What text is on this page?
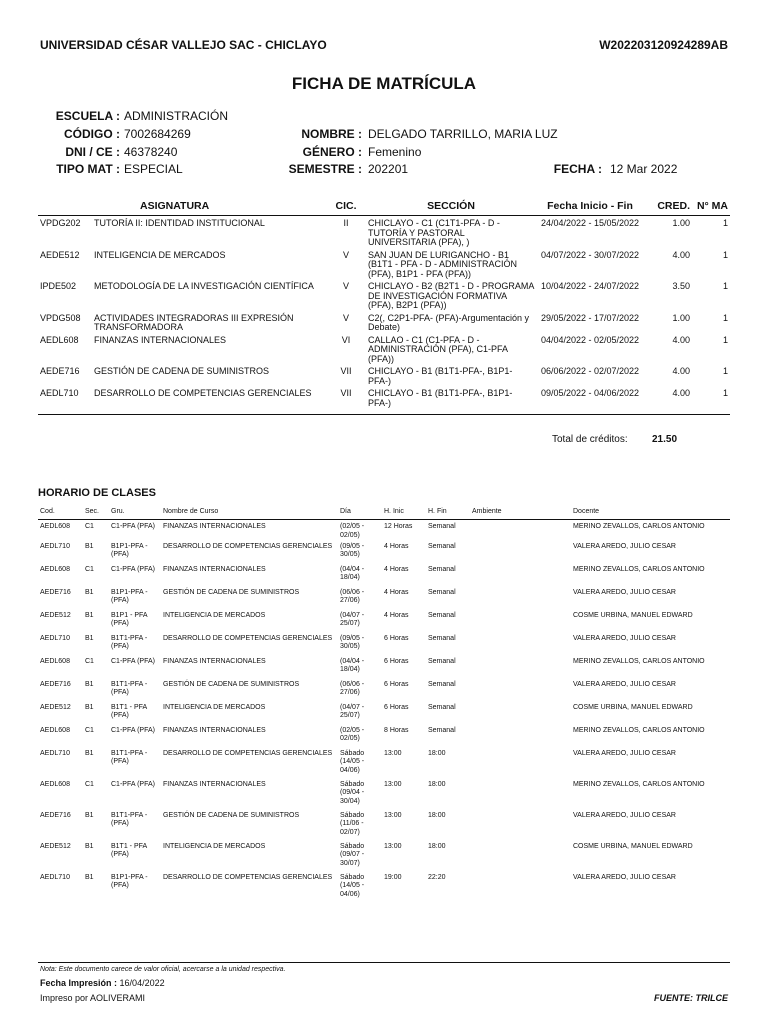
UNIVERSIDAD CÉSAR VALLEJO SAC - CHICLAYO	W202203120924289AB
FICHA DE MATRÍCULA
ESCUELA : ADMINISTRACIÓN
CÓDIGO : 7002684269
DNI / CE : 46378240
TIPO MAT : ESPECIAL
NOMBRE : DELGADO TARRILLO, MARIA LUZ
GÉNERO : Femenino
SEMESTRE : 202201	FECHA : 12 Mar 2022
	ASIGNATURA	CIC.	SECCIÓN	Fecha Inicio - Fin	CRED.	N° MA
VPDG202	TUTORÍA II: IDENTIDAD INSTITUCIONAL	II	CHICLAYO - C1 (C1T1-PFA - D - TUTORÍA Y PASTORAL UNIVERSITARIA (PFA), )	24/04/2022 - 15/05/2022	1.00	1
AEDE512	INTELIGENCIA DE MERCADOS	V	SAN JUAN DE LURIGANCHO - B1 (B1T1 - PFA - D - ADMINISTRACIÓN (PFA), B1P1 - PFA (PFA))	04/07/2022 - 30/07/2022	4.00	1
IPDE502	METODOLOGÍA DE LA INVESTIGACIÓN CIENTÍFICA	V	CHICLAYO - B2 (B2T1 - D - PROGRAMA DE INVESTIGACIÓN FORMATIVA (PFA), B2P1 (PFA))	10/04/2022 - 24/07/2022	3.50	1
VPDG508	ACTIVIDADES INTEGRADORAS III EXPRESIÓN TRANSFORMADORA	V	C2(, C2P1-PFA- (PFA)-Argumentación y Debate)	29/05/2022 - 17/07/2022	1.00	1
AEDL608	FINANZAS INTERNACIONALES	VI	CALLAO - C1 (C1-PFA - D - ADMINISTRACIÓN (PFA), C1-PFA (PFA))	04/04/2022 - 02/05/2022	4.00	1
AEDE716	GESTIÓN DE CADENA DE SUMINISTROS	VII	CHICLAYO - B1 (B1T1-PFA-, B1P1-PFA-)	06/06/2022 - 02/07/2022	4.00	1
AEDL710	DESARROLLO DE COMPETENCIAS GERENCIALES	VII	CHICLAYO - B1 (B1T1-PFA-, B1P1-PFA-)	09/05/2022 - 04/06/2022	4.00	1
Total de créditos: 21.50
HORARIO DE CLASES
Cod.	Sec.	Gru.	Nombre de Curso	Día	H. Inic	H. Fin	Ambiente	Docente
AEDL608	C1	C1-PFA (PFA)	FINANZAS INTERNACIONALES	(02/05 - 02/05)	12 Horas	Semanal		MERINO ZEVALLOS, CARLOS ANTONIO
AEDL710	B1	B1P1-PFA - (PFA)	DESARROLLO DE COMPETENCIAS GERENCIALES	(09/05 - 30/05)	4 Horas	Semanal		VALERA AREDO, JULIO CESAR
AEDL608	C1	C1-PFA (PFA)	FINANZAS INTERNACIONALES	(04/04 - 18/04)	4 Horas	Semanal		MERINO ZEVALLOS, CARLOS ANTONIO
AEDE716	B1	B1P1-PFA - (PFA)	GESTIÓN DE CADENA DE SUMINISTROS	(06/06 - 27/06)	4 Horas	Semanal		VALERA AREDO, JULIO CESAR
AEDE512	B1	B1P1 - PFA (PFA)	INTELIGENCIA DE MERCADOS	(04/07 - 25/07)	4 Horas	Semanal		COSME URBINA, MANUEL EDWARD
AEDL710	B1	B1T1-PFA - (PFA)	DESARROLLO DE COMPETENCIAS GERENCIALES	(09/05 - 30/05)	6 Horas	Semanal		VALERA AREDO, JULIO CESAR
AEDL608	C1	C1-PFA (PFA)	FINANZAS INTERNACIONALES	(04/04 - 18/04)	6 Horas	Semanal		MERINO ZEVALLOS, CARLOS ANTONIO
AEDE716	B1	B1T1-PFA - (PFA)	GESTIÓN DE CADENA DE SUMINISTROS	(06/06 - 27/06)	6 Horas	Semanal		VALERA AREDO, JULIO CESAR
AEDE512	B1	B1T1 - PFA (PFA)	INTELIGENCIA DE MERCADOS	(04/07 - 25/07)	6 Horas	Semanal		COSME URBINA, MANUEL EDWARD
AEDL608	C1	C1-PFA (PFA)	FINANZAS INTERNACIONALES	(02/05 - 02/05)	8 Horas	Semanal		MERINO ZEVALLOS, CARLOS ANTONIO
AEDL710	B1	B1T1-PFA - (PFA)	DESARROLLO DE COMPETENCIAS GERENCIALES	Sábado (14/05 - 04/06)	13:00	18:00		VALERA AREDO, JULIO CESAR
AEDL608	C1	C1-PFA (PFA)	FINANZAS INTERNACIONALES	Sábado (09/04 - 30/04)	13:00	18:00		MERINO ZEVALLOS, CARLOS ANTONIO
AEDE716	B1	B1T1-PFA - (PFA)	GESTIÓN DE CADENA DE SUMINISTROS	Sábado (11/06 - 02/07)	13:00	18:00		VALERA AREDO, JULIO CESAR
AEDE512	B1	B1T1 - PFA (PFA)	INTELIGENCIA DE MERCADOS	Sábado (09/07 - 30/07)	13:00	18:00		COSME URBINA, MANUEL EDWARD
AEDL710	B1	B1P1-PFA - (PFA)	DESARROLLO DE COMPETENCIAS GERENCIALES	Sábado (14/05 - 04/06)	19:00	22:20		VALERA AREDO, JULIO CESAR
Nota: Este documento carece de valor oficial, acercarse a la unidad respectiva.
Fecha Impresión : 16/04/2022
Impreso por AOLIVERAMI	FUENTE: TRILCE
